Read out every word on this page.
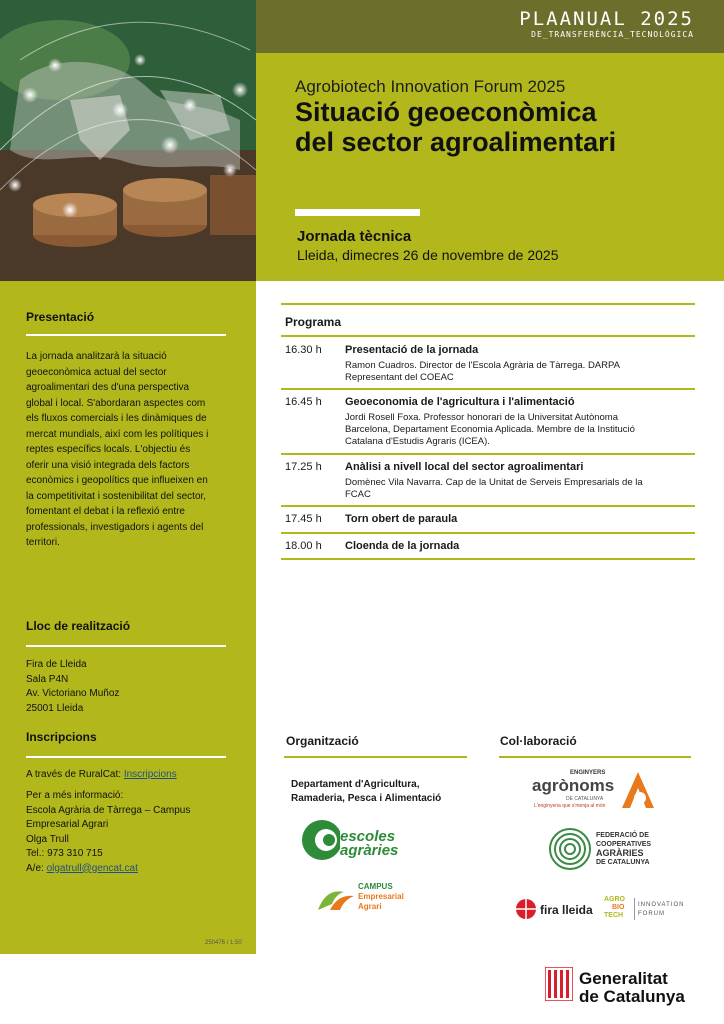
PLAANUAL 2025
DE_TRANSFERÈNCIA_TECNOLÒGICA
Agrobiotech Innovation Forum 2025
Situació geoeconòmica
del sector agroalimentari
Jornada tècnica
Lleida, dimecres 26 de novembre de 2025
Presentació
La jornada analitzarà la situació
geoeconòmica actual del sector
agroalimentari des d'una perspectiva
global i local. S'abordaran aspectes com
els fluxos comercials i les dinàmiques de
mercat mundials, així com les polítiques i
reptes específics locals. L'objectiu és
oferir una visió integrada dels factors
econòmics i geopolítics que influeixen en
la competitivitat i sostenibilitat del sector,
fomentant el debat i la reflexió entre
professionals, investigadors i agents del
territori.
Lloc de realització
Fira de Lleida
Sala P4N
Av. Victoriano Muñoz
25001 Lleida
Inscripcions
A través de RuralCat: Inscripcions
Per a més informació:
Escola Agrària de Tàrrega – Campus
Empresarial Agrari
Olga Trull
Tel.: 973 310 715
A/e: olgatrull@gencat.cat
250476 / 1.50
Programa
16.30 h Presentació de la jornada
Ramon Cuadros. Director de l'Escola Agrària de Tàrrega. DARPA
Representant del COEAC
16.45 h Geoeconomia de l'agricultura i l'alimentació
Jordi Rosell Foxa. Professor honorari de la Universitat Autònoma
Barcelona, Departament Economia Aplicada. Membre de la Institució
Catalana d'Estudis Agraris (ICEA).
17.25 h Anàlisi a nivell local del sector agroalimentari
Domènec Vila Navarra. Cap de la Unitat de Serveis Empresarials de la
FCAC
17.45 h Torn obert de paraula
18.00 h Cloenda de la jornada
Organització
Departament d'Agricultura,
Ramaderia, Pesca i Alimentació
escoles
agràries
CAMPUS
Empresarial
Agrari
Col·laboració
ENGINYERS
agrònoms
DE CATALUNYA
L'enginyeria que s'menja al món
FEDERACIÓ DE
COOPERATIVES
AGRÀRIES
DE CATALUNYA
fira lleida
AGRO
BIO
TECH
INNOVATION
FORUM
Generalitat
de Catalunya
